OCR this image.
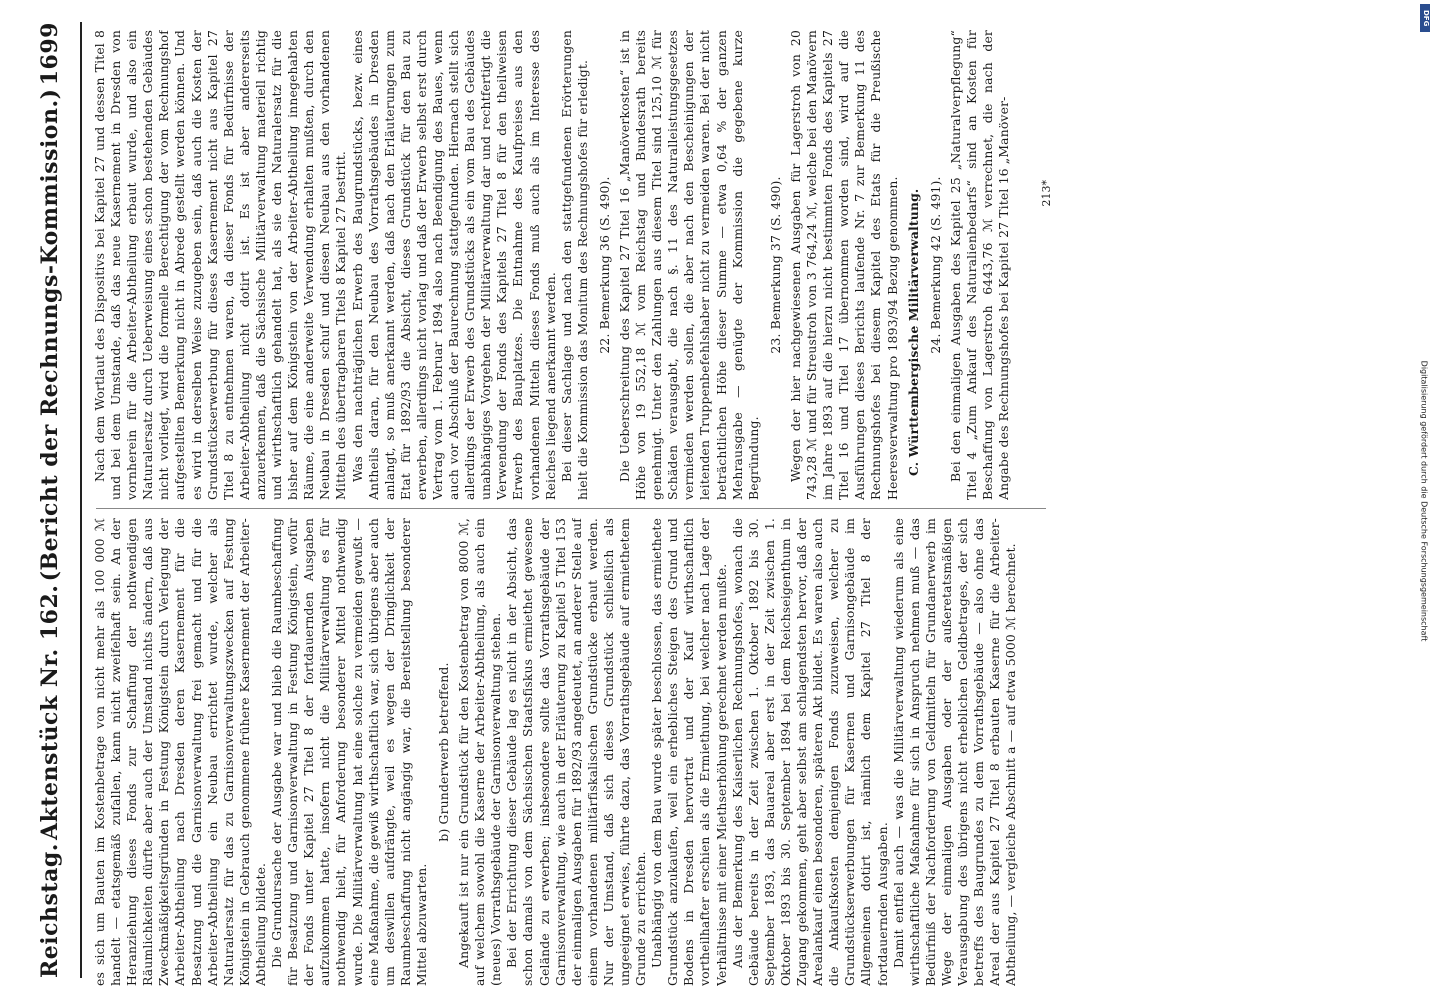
Reichstag.
Aktenstück Nr. 162.
(Bericht der Rechnungs-Kommission.)
1699

es sich um Bauten im Kostenbetrage von nicht mehr als 100 000 ℳ handelt — etatsgemäß zufallen, kann nicht zweifelhaft sein. An der Heranziehung dieses Fonds zur Schaffung der nothwendigen Räumlichkeiten dürfte aber auch der Umstand nichts ändern, daß aus Zweckmäßigkeitsgründen in Festung Königstein durch Verlegung der Arbeiter-Abtheilung nach Dresden deren Kasernement für die Besatzung und die Garnisonverwaltung frei gemacht und für die Arbeiter-Abtheilung ein Neubau errichtet wurde, welcher als Naturalersatz für das zu Garnisonverwaltungszwecken auf Festung Königstein in Gebrauch genommene frühere Kasernement der Arbeiter-Abtheilung bildete. Die Grundursache der Ausgabe war und blieb die Raumbeschaffung für Besatzung und Garnisonverwaltung in Festung Königstein, wofür der Fonds unter Kapitel 27 Titel 8 der fortdauernden Ausgaben aufzukommen hatte, insofern nicht die Militärverwaltung es für nothwendig hielt, für Anforderung besonderer Mittel nothwendig wurde. Die Militärverwaltung hat eine solche zu vermeiden gewußt — eine Maßnahme, die gewiß wirthschaftlich war, sich übrigens aber auch um deswillen aufdrängte, weil es wegen der Dringlichkeit der Raumbeschaffung nicht angängig war, die Bereitstellung besonderer Mittel abzuwarten.

b) Grunderwerb betreffend. Angekauft ist nur ein Grundstück für den Kostenbetrag von 8000 ℳ, auf welchem sowohl die Kaserne der Arbeiter-Abtheilung, als auch ein (neues) Vorrathsgebäude der Garnisonverwaltung stehen. Bei der Errichtung dieser Gebäude lag es nicht in der Absicht, das schon damals von dem Sächsischen Staatsfiskus ermiethet gewesene Gelände zu erwerben; insbesondere sollte das Vorrathsgebäude der Garnisonverwaltung, wie auch in der Erläuterung zu Kapitel 5 Titel 153 der einmaligen Ausgaben für 1892/93 angedeutet, an anderer Stelle auf einem vorhandenen militärfiskalischen Grundstücke erbaut werden. Nur der Umstand, daß sich dieses Grundstück schließlich als ungeeignet erwies, führte dazu, das Vorrathsgebäude auf ermiethetem Grunde zu errichten. Unabhängig von dem Bau wurde später beschlossen, das ermiethete Grundstück anzukaufen, weil ein erhebliches Steigen des Grund und Bodens in Dresden hervortrat und der Kauf wirthschaftlich vortheilhafter erschien als die Ermiethung, bei welcher nach Lage der Verhältnisse mit einer Miethserhöhung gerechnet werden mußte. Aus der Bemerkung des Kaiserlichen Rechnungshofes, wonach die Gebäude bereits in der Zeit zwischen 1. Oktober 1892 bis 30. September 1893, das Bauareal aber erst in der Zeit zwischen 1. Oktober 1893 bis 30. September 1894 bei dem Reichseigenthum in Zugang gekommen, geht aber selbst am schlagendsten hervor, daß der Arealankauf einen besonderen, späteren Akt bildet. Es waren also auch die Ankaufskosten demjenigen Fonds zuzuweisen, welcher zu Grundstückserwerbungen für Kasernen und Garnisongebäude im Allgemeinen dotirt ist, nämlich dem Kapitel 27 Titel 8 der fortdauernden Ausgaben. Damit entfiel auch — was die Militärverwaltung wiederum als eine wirthschaftliche Maßnahme für sich in Anspruch nehmen muß — das Bedürfniß der Nachforderung von Geldmitteln für Grundanerwerb im Wege der einmaligen Ausgaben oder der außeretatsmäßigen Verausgabung des übrigens nicht erheblichen Geldbetrages, der sich betreffs des Baugrundes zu dem Vorrathsgebäude — also ohne das Areal der aus Kapitel 27 Titel 8 erbauten Kaserne für die Arbeiter-Abtheilung, — vergleiche Abschnitt a — auf etwa 5000 ℳ berechnet.

Nach dem Wortlaut des Dispositivs bei Kapitel 27 und dessen Titel 8 und bei dem Umstande, daß das neue Kasernement in Dresden von vornherein für die Arbeiter-Abtheilung erbaut wurde, und also ein Naturalersatz durch Ueberweisung eines schon bestehenden Gebäudes nicht vorliegt, wird die formelle Berechtigung der vom Rechnungshof aufgestellten Bemerkung nicht in Abrede gestellt werden können. Und es wird in derselben Weise zuzugeben sein, daß auch die Kosten der Grundstückserwerbung für dieses Kasernement nicht aus Kapitel 27 Titel 8 zu entnehmen waren, da dieser Fonds für Bedürfnisse der Arbeiter-Abtheilung nicht dotirt ist. Es ist aber andererseits anzuerkennen, daß die Sächsische Militärverwaltung materiell richtig und wirthschaftlich gehandelt hat, als sie den Naturalersatz für die bisher auf dem Königstein von der Arbeiter-Abtheilung innegehabten Räume, die eine anderweite Verwendung erhalten mußten, durch den Neubau in Dresden schuf und diesen Neubau aus den vorhandenen Mitteln des übertragbaren Titels 8 Kapitel 27 bestritt. Was den nachträglichen Erwerb des Baugrundstücks, bezw. eines Antheils daran, für den Neubau des Vorrathsgebäudes in Dresden anlangt, so muß anerkannt werden, daß nach den Erläuterungen zum Etat für 1892/93 die Absicht, dieses Grundstück für den Bau zu erwerben, allerdings nicht vorlag und daß der Erwerb selbst erst durch Vertrag vom 1. Februar 1894 also nach Beendigung des Baues, wenn auch vor Abschluß der Baurechnung stattgefunden. Hiernach stellt sich allerdings der Erwerb des Grundstücks als ein vom Bau des Gebäudes unabhängiges Vorgehen der Militärverwaltung dar und rechtfertigt die Verwendung der Fonds des Kapitels 27 Titel 8 für den theilweisen Erwerb des Bauplatzes. Die Entnahme des Kaufpreises aus den vorhandenen Mitteln dieses Fonds muß auch als im Interesse des Reiches liegend anerkannt werden. Bei dieser Sachlage und nach den stattgefundenen Erörterungen hielt die Kommission das Monitum des Rechnungshofes für erledigt. 22. Bemerkung 36 (S. 490). Die Ueberschreitung des Kapitel 27 Titel 16 „Manöverkosten“ ist in Höhe von 19 552,18 ℳ vom Reichstag und Bundesrath bereits genehmigt. Unter den Zahlungen aus diesem Titel sind 125,10 ℳ für Schäden verausgabt, die nach §. 11 des Naturalleistungsgesetzes vermieden werden sollen, die aber nach den Bescheinigungen der leitenden Truppenbefehlshaber nicht zu vermeiden waren. Bei der nicht beträchtlichen Höhe dieser Summe — etwa 0,64 % der ganzen Mehrausgabe — genügte der Kommission die gegebene kurze Begründung.

23. Bemerkung 37 (S. 490). Wegen der hier nachgewiesenen Ausgaben für Lagerstroh von 20 743,28 ℳ und für Streustroh von 3 764,24 ℳ, welche bei den Manövern im Jahre 1893 auf die hierzu nicht bestimmten Fonds des Kapitels 27 Titel 16 und Titel 17 übernommen worden sind, wird auf die Ausführungen dieses Berichts laufende Nr. 7 zur Bemerkung 11 des Rechnungshofes bei diesem Kapitel des Etats für die Preußische Heeresverwaltung pro 1893/94 Bezug genommen. C. Württembergische Militärverwaltung. 24. Bemerkung 42 (S. 491). Bei den einmaligen Ausgaben des Kapitel 25 „Naturalverpflegung“ Titel 4 „Zum Ankauf des Naturalienbedarfs“ sind an Kosten für Beschaffung von Lagerstroh 6443,76 ℳ verrechnet, die nach der Angabe des Rechnungshofes bei Kapitel 27 Titel 16 „Manöver-	213*
DFG
Digitalisierung gefördert durch die Deutsche Forschungsgemeinschaft
